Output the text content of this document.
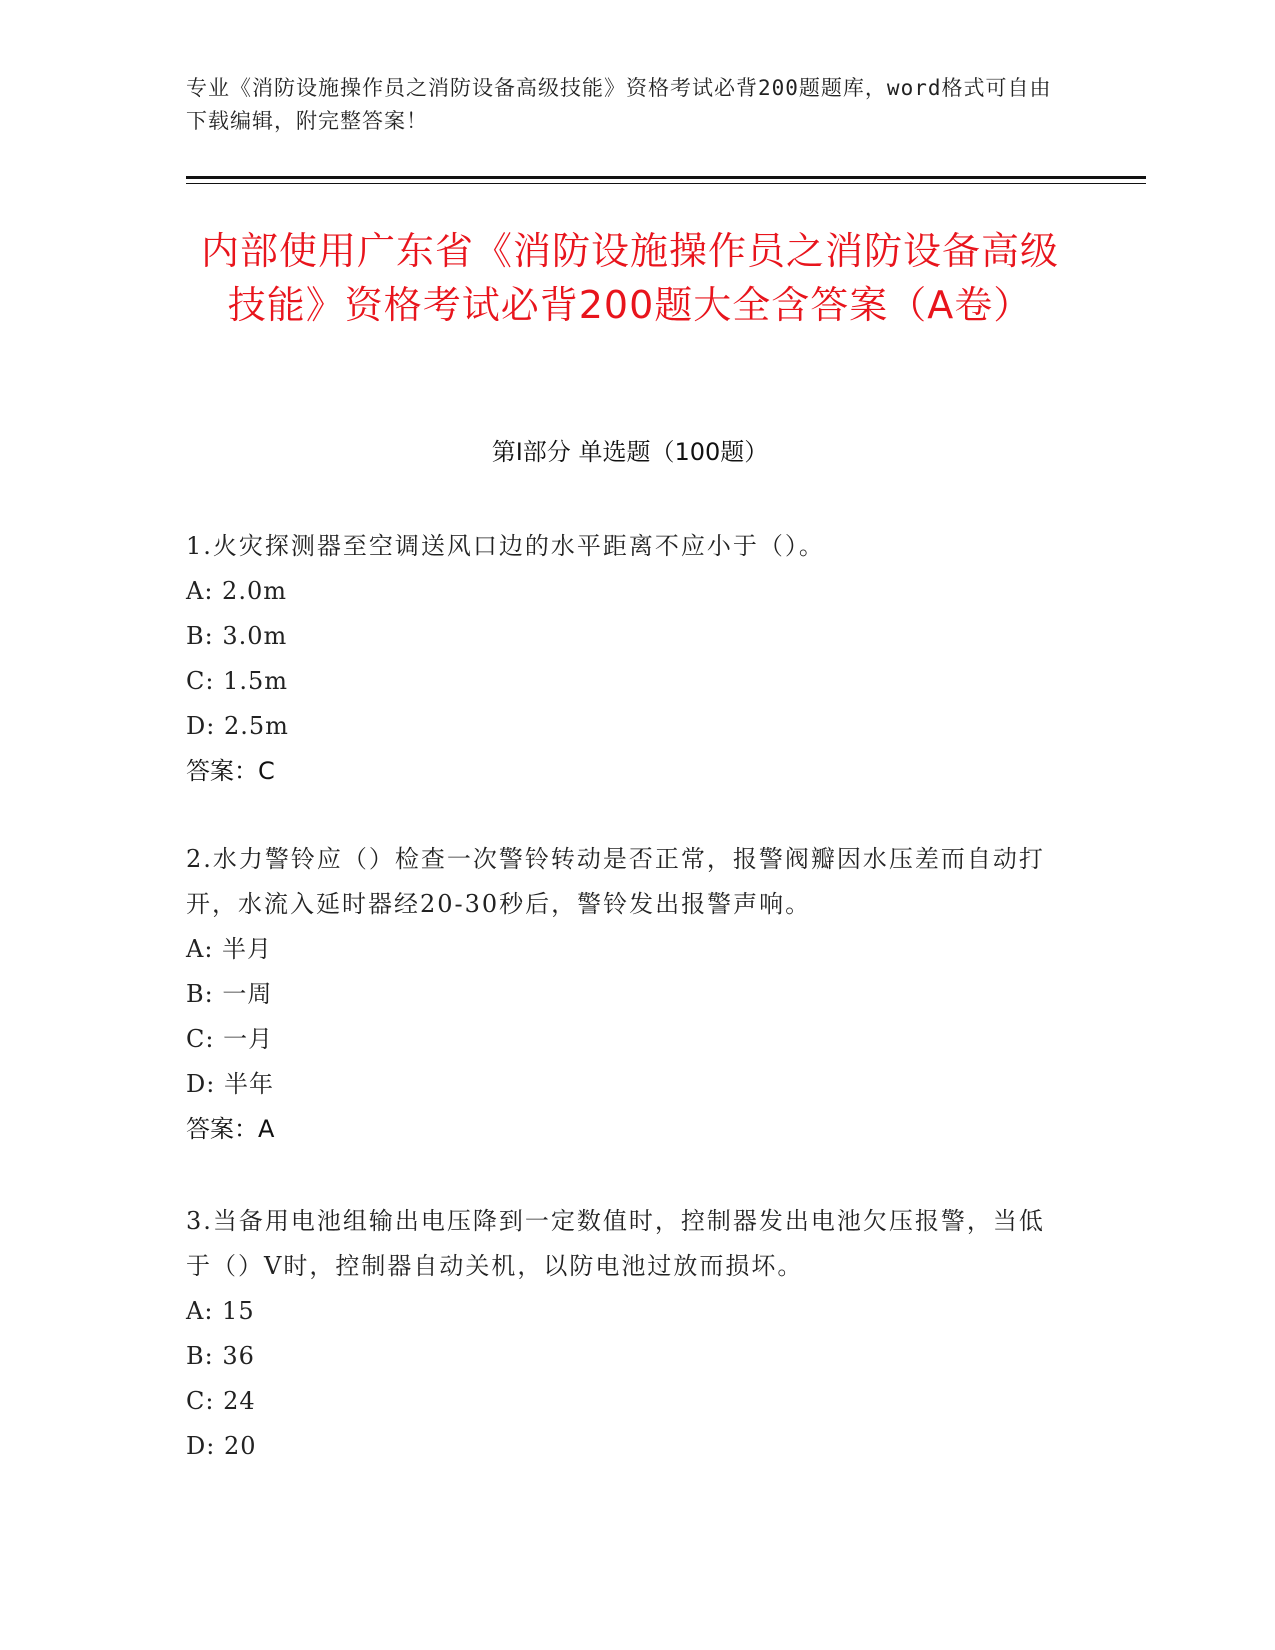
专业《消防设施操作员之消防设备高级技能》资格考试必背200题题库，word格式可自由下载编辑，附完整答案！
内部使用广东省《消防设施操作员之消防设备高级技能》资格考试必背200题大全含答案（A卷）
第Ⅰ部分 单选题（100题）
1.火灾探测器至空调送风口边的水平距离不应小于（）。
A: 2.0m
B: 3.0m
C: 1.5m
D: 2.5m
答案：C
2.水力警铃应（）检查一次警铃转动是否正常，报警阀瓣因水压差而自动打开，水流入延时器经20-30秒后，警铃发出报警声响。
A: 半月
B: 一周
C: 一月
D: 半年
答案：A
3.当备用电池组输出电压降到一定数值时，控制器发出电池欠压报警，当低于（）V时，控制器自动关机，以防电池过放而损坏。
A: 15
B: 36
C: 24
D: 20
